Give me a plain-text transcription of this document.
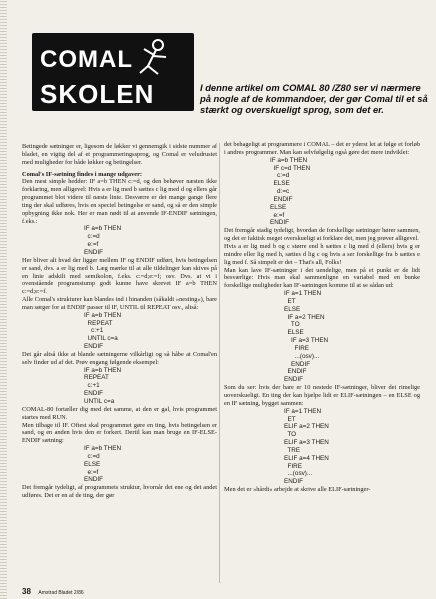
COMAL
SKOLEN	I denne artikel om COMAL 80 /Z80 ser vi nærmere på nogle af de kommandoer, der gør Comal til et så stærkt og overskueligt sprog, som det er.

Betingede sætninger er, ligesom de løkker vi gennemgik i sidste nummer af bladet, en vigtig del af et programmeringssprog, og Comal er veludrustet med muligheder for både løkker og betingelser.

Comal's IF-sætning findes i mange udgaver:

Den mest simple hedder: IF a=b THEN c:=d, og den behøver næsten ikke forklaring, men alligevel: Hvis a er lig med b sættes c lig med d og ellers går programmet blot videre til næste linie. Desværre er det mange gange flere ting der skal udføres, hvis en speciel betingelse er sand, og så er den simple opbygning ikke nok. Her er man nødt til at anvende IF-ENDIF sætningen, f.eks.:

IF a=b THEN
c:=d
e:=f
ENDIF

Her bliver alt hvad der ligger mellem IF og ENDIF udført, hvis betingelsen er sand, dvs. a er lig med b. Læg mærke til at alle tildelinger kan skives på en linie adskilt med semikolon, f.eks. c:=d;e:=f; osv. Dvs. at vi i ovenstående programstump godt kunne have skrevet IF a=b THEN c:=d;e:=f.

Alle Comal's strukturer kan blandes ind i hinanden (såkaldt »nesting«), bare man sørger for at ENDIF passer til IF, UNTIL til REPEAT osv., altså:

IF a=b THEN
REPEAT
c:+1
UNTIL c=a
ENDIF

Det går altså ikke at blande sætningerne vilkårligt og så håbe at Comal'en selv finder ud af det. Prøv engang følgende eksempel:

IF a=b THEN
REPEAT
c:+1
ENDIF
UNTIL c=a

COMAL-80 fortæller dig med det samme, at den er gal, hvis programmet startes med RUN.

Men tilbage til IF. Oftest skal programmet gøre en ting, hvis betingelsen er sand, og en anden hvis den er forkert. Dertil kan man bruge en IF-ELSE-ENDIF sætning:

IF a=b THEN
c:=d
ELSE
e:=f
ENDIF

Det fremgår tydeligt, af programmets struktur, hvornår det ene og det andet udføres. Det er en af de ting, der gør

det behageligt at programmere i COMAL – det er yderst let at følge et forløb i andres programmer. Man kan selvfølgelig også gøre det mere indviklet:

IF a=b THEN
IF c=d THEN
c:=d
ELSE
d:=c
ENDIF
ELSE
e:=f
ENDIF

Det fremgår stadig tydeligt, hvordan de forskellige sætninger hører sammen, og det er faktisk meget overskueligt at forklare det, men jeg prøver alligevel.

Hvis a er lig med b og c større end h sættes c lig med d (ellers) hvis g er mindre eller lig med h, sættes d lig c og hvis a ser forskellige fra b sættes e lig med f. Så simpelt er det – That's all, Folks!

Man kan lave IF-sætninger i det uendelige, men på et punkt er de lidt besværlige: Hvis man skal sammenligne en variabel med en bunke forskellige muligheder kan IF-sætningen komme til at se sådan ud:

IF a=1 THEN
ET
ELSE
IF a=2 THEN
TO
ELSE
IF a=3 THEN
FIRE
...(osv)...
ENDIF
ENDIF
ENDIF

Som du ser: hvis der bare er 10 nestede IF-sætninger, bliver det rimelige uoverskueligt. En ting der kan hjælpe lidt er ELIF-sætningen – en ELSE og en IF sætning, bygget sammen:

IF a=1 THEN
ET
ELIF a=2 THEN
TO
ELIF a=3 THEN
TRE
ELIF a=4 THEN
FIRE
...(osv)...
ENDIF

Men det er »hårdt« arbejde at skrive alle ELIF-sætninger-

38 Amstrad Bladet 2/86
